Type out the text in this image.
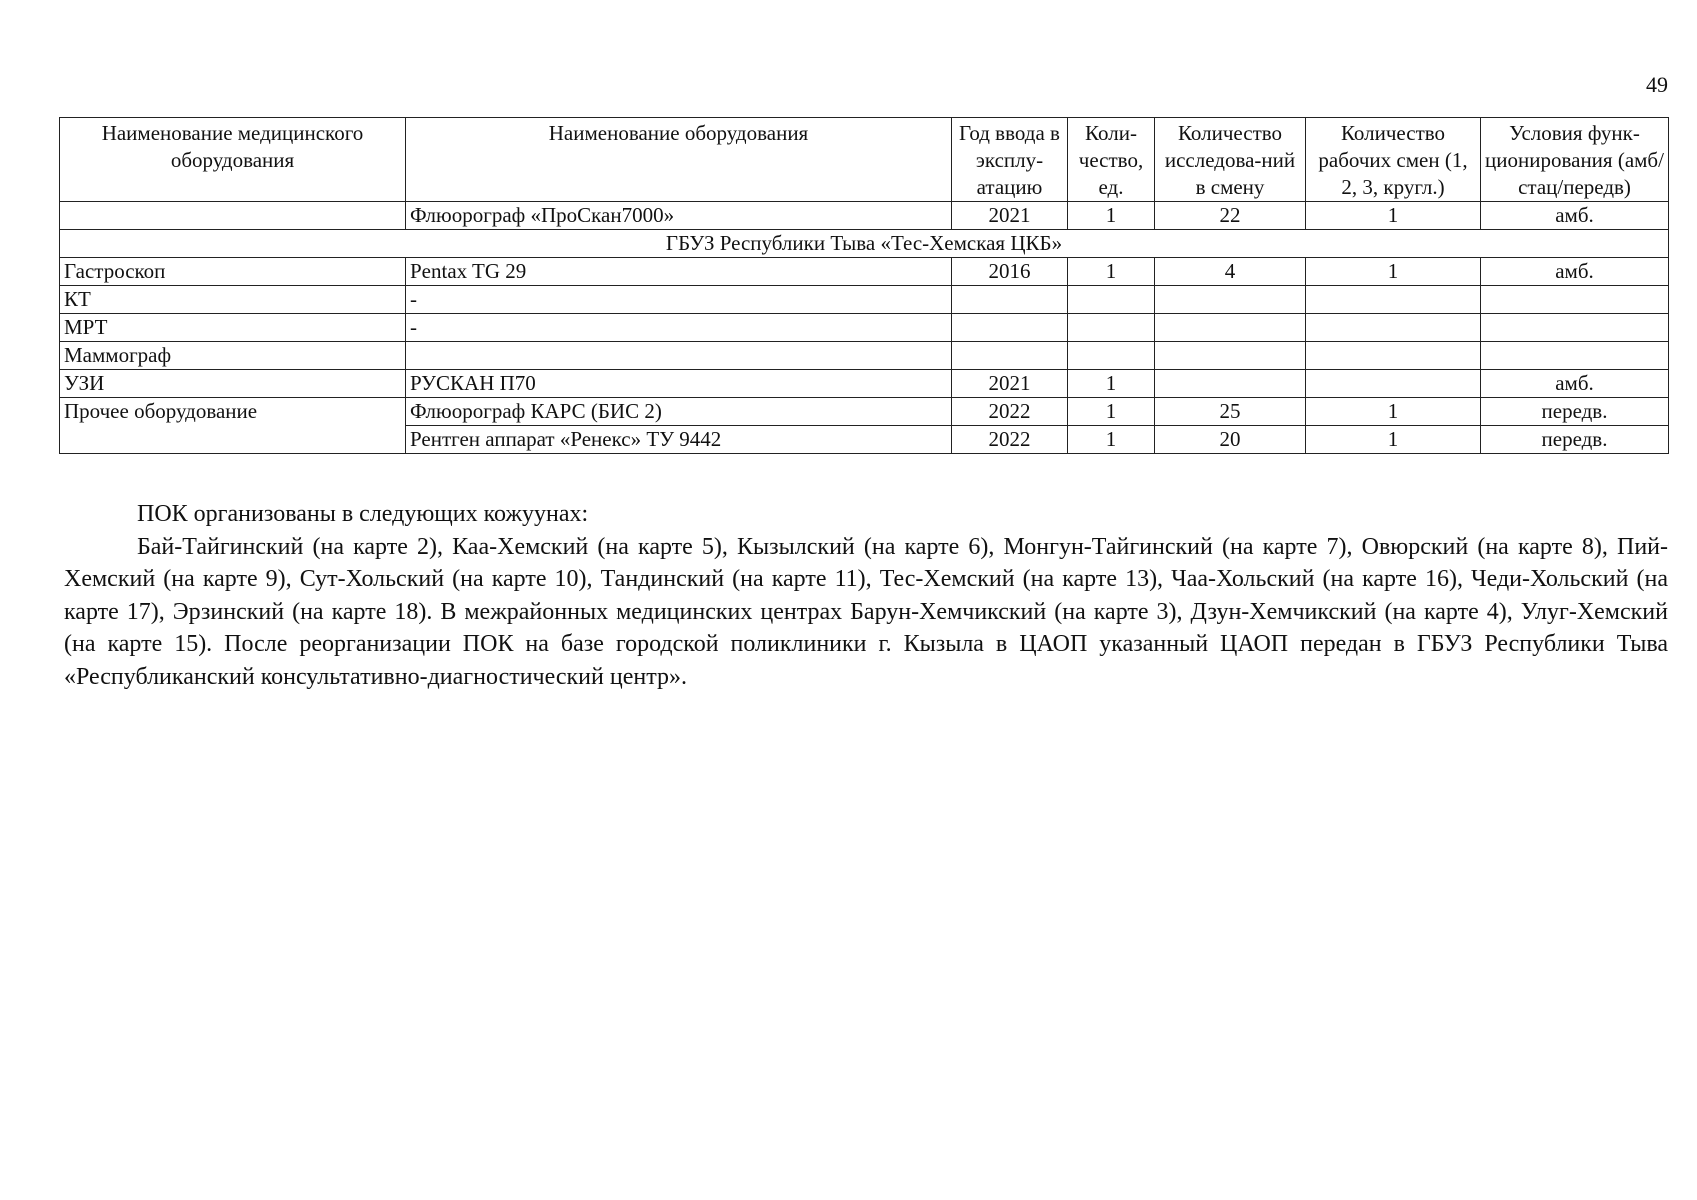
49
Наименование медицинского оборудования	Наименование оборудования	Год ввода в эксплу-атацию	Коли-чество, ед.	Количество исследова-ний в смену	Количество рабочих смен (1, 2, 3, кругл.)	Условия функ-ционирования (амб/стац/передв)
	Флюорограф «ПроСкан7000»	2021	1	22	1	амб.
ГБУЗ Республики Тыва «Тес-Хемская ЦКБ»						
Гастроскоп	Pentax TG 29	2016	1	4	1	амб.
КТ	-					
МРТ	-					
Маммограф						
УЗИ	РУСКАН П70	2021	1			амб.
Прочее оборудование	Флюорограф КАРС (БИС 2)	2022	1	25	1	передв.
	Рентген аппарат «Ренекс» ТУ 9442	2022	1	20	1	передв.

ПОК организованы в следующих кожуунах:

Бай-Тайгинский (на карте 2), Каа-Хемский (на карте 5), Кызылский (на карте 6), Монгун-Тайгинский (на карте 7), Овюрский (на карте 8), Пий-Хемский (на карте 9), Сут-Хольский (на карте 10), Тандинский (на карте 11), Тес-Хемский (на карте 13), Чаа-Хольский (на карте 16), Чеди-Хольский (на карте 17), Эрзинский (на карте 18). В межрайонных медицинских центрах Барун-Хемчикский (на карте 3), Дзун-Хемчикский (на карте 4), Улуг-Хемский (на карте 15). После реорганизации ПОК на базе городской поликлиники г. Кызыла в ЦАОП указанный ЦАОП передан в ГБУЗ Республики Тыва «Республиканский консультативно-диагностический центр».
